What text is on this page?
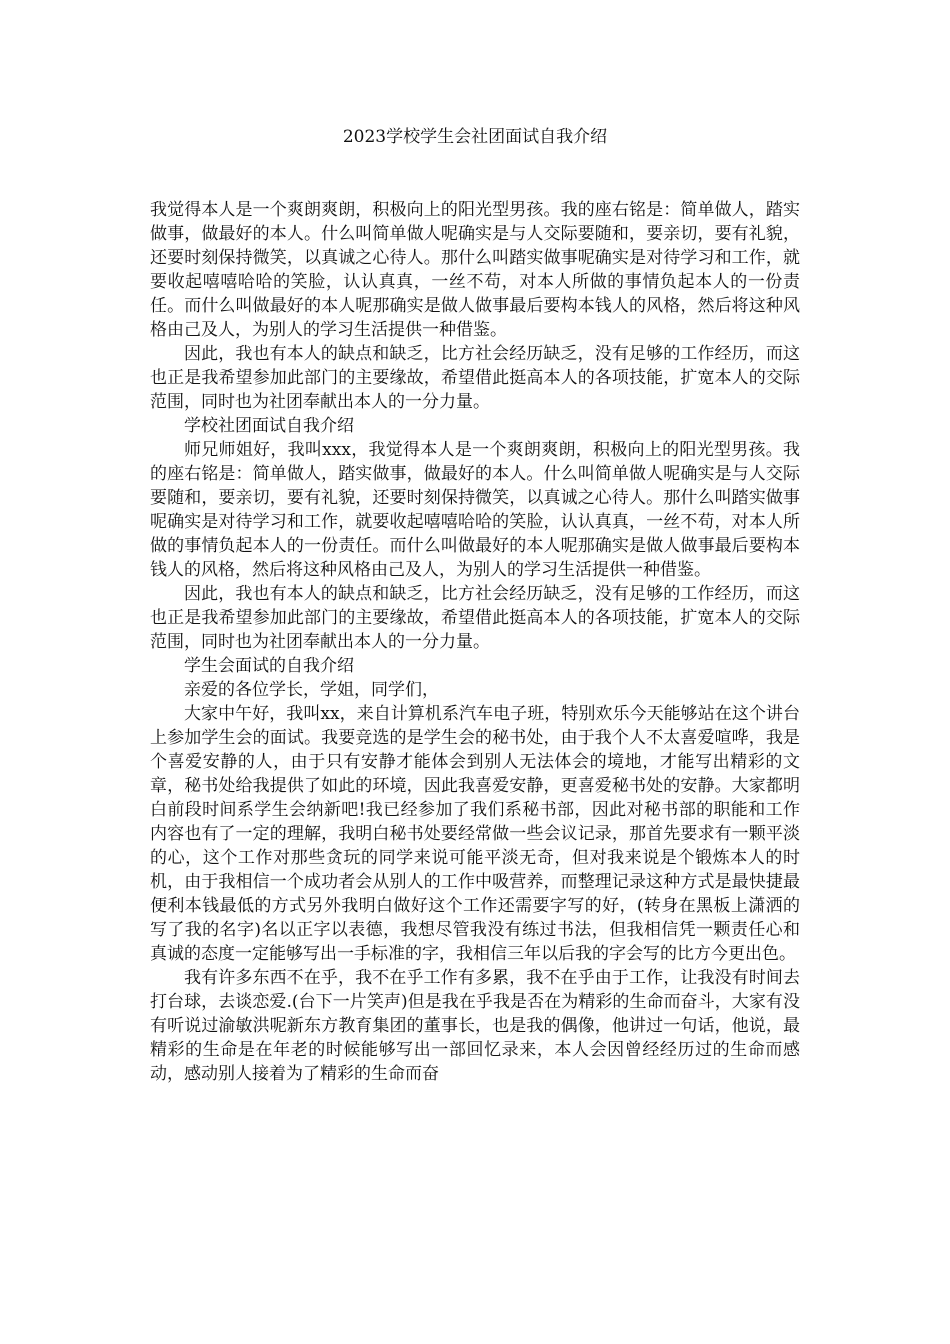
2023学校学生会社团面试自我介绍

我觉得本人是一个爽朗爽朗，积极向上的阳光型男孩。我的座右铭是：简单做人，踏实做事，做最好的本人。什么叫简单做人呢确实是与人交际要随和，要亲切，要有礼貌，还要时刻保持微笑，以真诚之心待人。那什么叫踏实做事呢确实是对待学习和工作，就要收起嘻嘻哈哈的笑脸，认认真真，一丝不苟，对本人所做的事情负起本人的一份责任。而什么叫做最好的本人呢那确实是做人做事最后要构本钱人的风格，然后将这种风格由己及人，为别人的学习生活提供一种借鉴。

因此，我也有本人的缺点和缺乏，比方社会经历缺乏，没有足够的工作经历，而这也正是我希望参加此部门的主要缘故，希望借此挺高本人的各项技能，扩宽本人的交际范围，同时也为社团奉献出本人的一分力量。

学校社团面试自我介绍

师兄师姐好，我叫xxx，我觉得本人是一个爽朗爽朗，积极向上的阳光型男孩。我的座右铭是：简单做人，踏实做事，做最好的本人。什么叫简单做人呢确实是与人交际要随和，要亲切，要有礼貌，还要时刻保持微笑，以真诚之心待人。那什么叫踏实做事呢确实是对待学习和工作，就要收起嘻嘻哈哈的笑脸，认认真真，一丝不苟，对本人所做的事情负起本人的一份责任。而什么叫做最好的本人呢那确实是做人做事最后要构本钱人的风格，然后将这种风格由己及人，为别人的学习生活提供一种借鉴。

因此，我也有本人的缺点和缺乏，比方社会经历缺乏，没有足够的工作经历，而这也正是我希望参加此部门的主要缘故，希望借此挺高本人的各项技能，扩宽本人的交际范围，同时也为社团奉献出本人的一分力量。

学生会面试的自我介绍

亲爱的各位学长，学姐，同学们，

大家中午好，我叫xx，来自计算机系汽车电子班，特别欢乐今天能够站在这个讲台上参加学生会的面试。我要竞选的是学生会的秘书处，由于我个人不太喜爱喧哗，我是个喜爱安静的人，由于只有安静才能体会到别人无法体会的境地，才能写出精彩的文章，秘书处给我提供了如此的环境，因此我喜爱安静，更喜爱秘书处的安静。大家都明白前段时间系学生会纳新吧!我已经参加了我们系秘书部，因此对秘书部的职能和工作内容也有了一定的理解，我明白秘书处要经常做一些会议记录，那首先要求有一颗平淡的心，这个工作对那些贪玩的同学来说可能平淡无奇，但对我来说是个锻炼本人的时机，由于我相信一个成功者会从别人的工作中吸营养，而整理记录这种方式是最快捷最便利本钱最低的方式另外我明白做好这个工作还需要字写的好，(转身在黑板上潇洒的写了我的名字)名以正字以表德，我想尽管我没有练过书法，但我相信凭一颗责任心和真诚的态度一定能够写出一手标准的字，我相信三年以后我的字会写的比方今更出色。

我有许多东西不在乎，我不在乎工作有多累，我不在乎由于工作，让我没有时间去打台球，去谈恋爱.(台下一片笑声)但是我在乎我是否在为精彩的生命而奋斗，大家有没有听说过渝敏洪呢新东方教育集团的董事长，也是我的偶像，他讲过一句话，他说，最精彩的生命是在年老的时候能够写出一部回忆录来，本人会因曾经经历过的生命而感动，感动别人接着为了精彩的生命而奋
